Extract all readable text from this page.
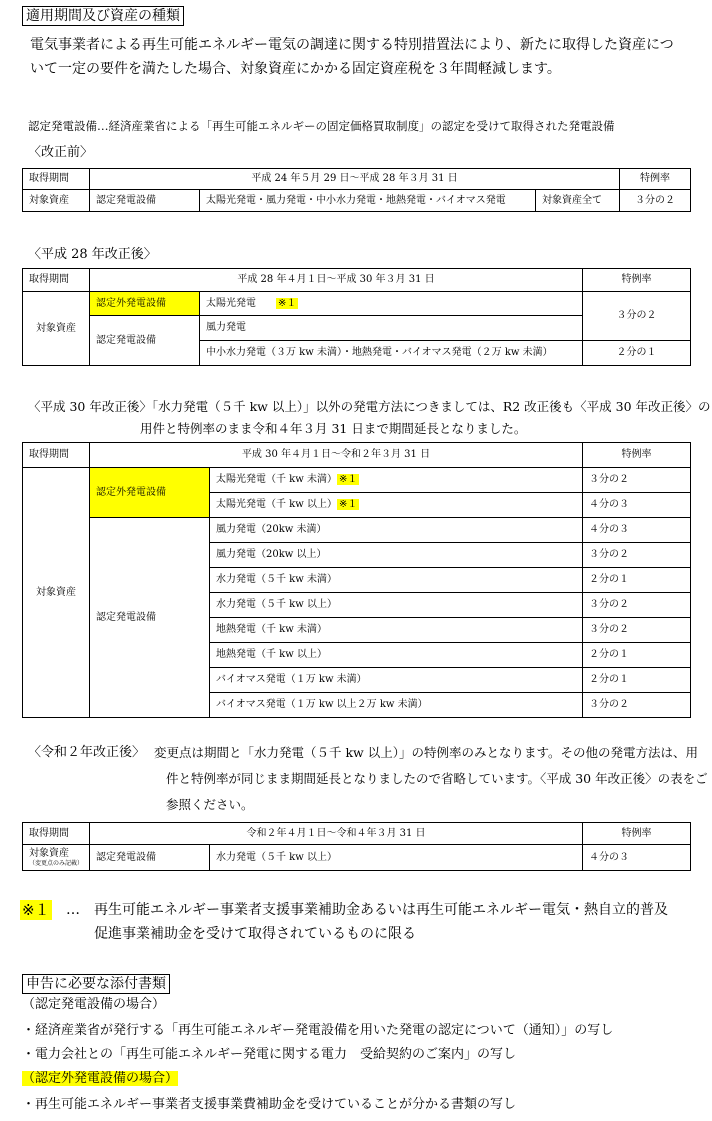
適用期間及び資産の種類
電気事業者による再生可能エネルギー電気の調達に関する特別措置法により、新たに取得した資産につ
いて一定の要件を満たした場合、対象資産にかかる固定資産税を３年間軽減します。
認定発電設備…経済産業省による「再生可能エネルギーの固定価格買取制度」の認定を受けて取得された発電設備
〈改正前〉
取得期間	平成 24 年５月 29 日〜平成 28 年３月 31 日			特例率
対象資産	認定発電設備	太陽光発電・風力発電・中小水力発電・地熱発電・バイオマス発電	対象資産全て	３分の２
〈平成 28 年改正後〉
取得期間	平成 28 年４月１日〜平成 30 年３月 31 日		特例率
対象資産	認定外発電設備	太陽光発電　　 ※１	３分の２
	認定発電設備	風力発電	
		中小水力発電（３万 kw 未満）・地熱発電・バイオマス発電（２万 kw 未満）	２分の１
〈平成 30 年改正後〉「水力発電（５千 kw 以上）」以外の発電方法につきましては、R2 改正後も〈平成 30 年改正後〉の
用件と特例率のまま令和４年３月 31 日まで期間延長となりました。
取得期間	平成 30 年４月１日〜令和２年３月 31 日		特例率
対象資産	認定外発電設備	太陽光発電（千 kw 未満） ※１	３分の２
		太陽光発電（千 kw 以上） ※１	４分の３
	認定発電設備	風力発電（20kw 未満）	４分の３
		風力発電（20kw 以上）	３分の２
		水力発電（５千 kw 未満）	２分の１
		水力発電（５千 kw 以上）	３分の２
		地熱発電（千 kw 未満）	３分の２
		地熱発電（千 kw 以上）	２分の１
		バイオマス発電（１万 kw 未満）	２分の１
		バイオマス発電（１万 kw 以上２万 kw 未満）	３分の２
〈令和２年改正後〉 変更点は期間と「水力発電（５千 kw 以上）」の特例率のみとなります。その他の発電方法は、用
件と特例率が同じまま期間延長となりましたので省略しています。〈平成 30 年改正後〉の表をご
参照ください。
取得期間	令和２年４月１日〜令和４年３月 31 日		特例率
対象資産
（変更点のみ記載）	認定発電設備	水力発電（５千 kw 以上）	４分の３
※１ … 再生可能エネルギー事業者支援事業補助金あるいは再生可能エネルギー電気・熱自立的普及
促進事業補助金を受けて取得されているものに限る
申告に必要な添付書類
（認定発電設備の場合）
・経済産業省が発行する「再生可能エネルギー発電設備を用いた発電の認定について（通知）」の写し
・電力会社との「再生可能エネルギー発電に関する電力　受給契約のご案内」の写し
（認定外発電設備の場合）
・再生可能エネルギー事業者支援事業費補助金を受けていることが分かる書類の写し
